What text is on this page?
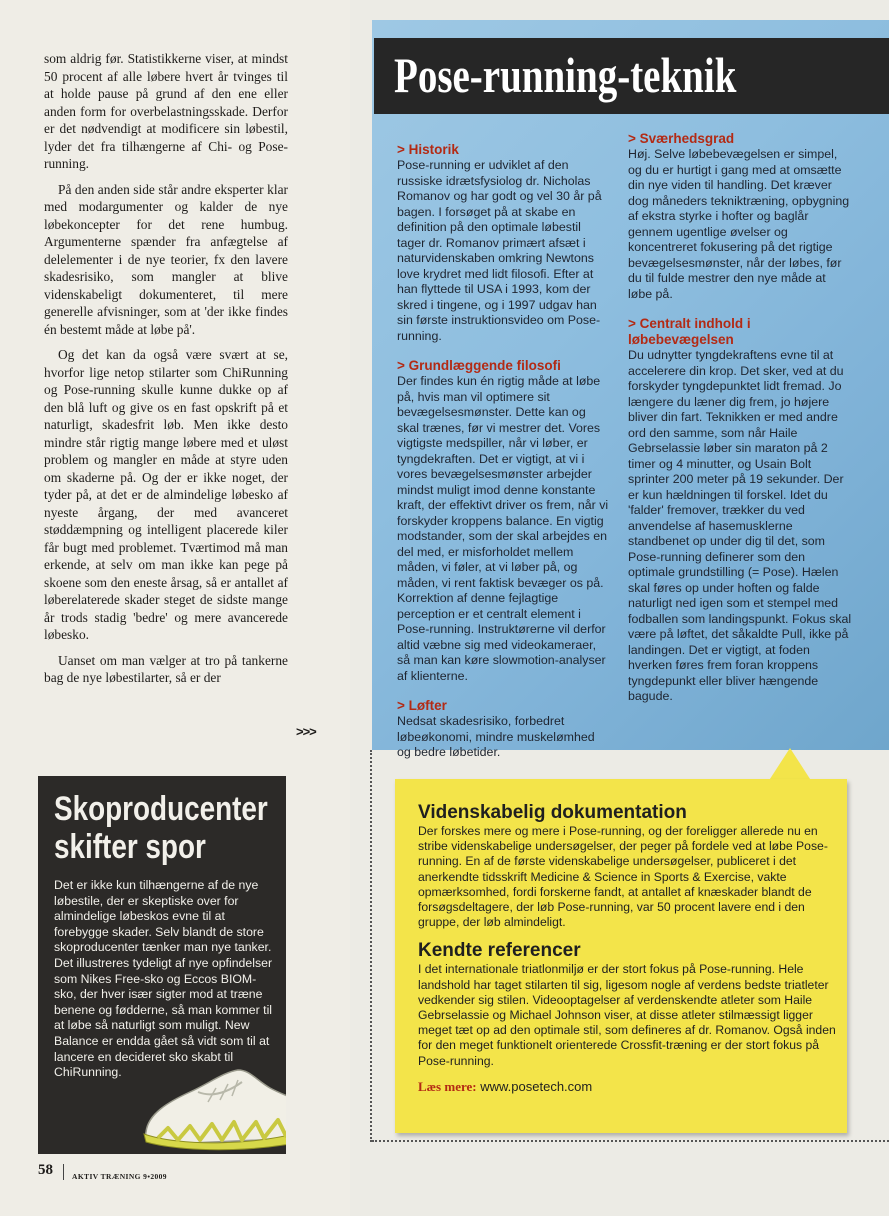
som aldrig før. Statistikkerne viser, at mindst 50 procent af alle løbere hvert år tvinges til at holde pause på grund af den ene eller anden form for overbelastningsskade. Derfor er det nødvendigt at modificere sin løbestil, lyder det fra tilhængerne af Chi- og Pose-running.

På den anden side står andre eksperter klar med modargumenter og kalder de nye løbekoncepter for det rene humbug. Argumenterne spænder fra anfægtelse af delelementer i de nye teorier, fx den lavere skadesrisiko, som mangler at blive videnskabeligt dokumenteret, til mere generelle afvisninger, som at 'der ikke findes én bestemt måde at løbe på'.

Og det kan da også være svært at se, hvorfor lige netop stilarter som ChiRunning og Pose-running skulle kunne dukke op af den blå luft og give os en fast opskrift på et naturligt, skadesfrit løb. Men ikke desto mindre står rigtig mange løbere med et uløst problem og mangler en måde at styre uden om skaderne på. Og der er ikke noget, der tyder på, at det er de almindelige løbesko af nyeste årgang, der med avanceret støddæmpning og intelligent placerede kiler får bugt med problemet. Tværtimod må man erkende, at selv om man ikke kan pege på skoene som den eneste årsag, så er antallet af løberelaterede skader steget de sidste mange år trods stadig 'bedre' og mere avancerede løbesko.

Uanset om man vælger at tro på tankerne bag de nye løbestilarter, så er der

>>>
Skoproducenter skifter spor
Det er ikke kun tilhængerne af de nye løbestile, der er skeptiske over for almindelige løbeskos evne til at forebygge skader. Selv blandt de store skoproducenter tænker man nye tanker. Det illustreres tydeligt af nye opfindelser som Nikes Free-sko og Eccos BIOM-sko, der hver især sigter mod at træne benene og fødderne, så man kommer til at løbe så naturligt som muligt. New Balance er endda gået så vidt som til at lancere en decideret sko skabt til ChiRunning.
58	AKTIV TRÆNING 9•2009
Pose-running-teknik
> Historik

Pose-running er udviklet af den russiske idrætsfysiolog dr. Nicholas Romanov og har godt og vel 30 år på bagen. I forsøget på at skabe en definition på den optimale løbestil tager dr. Romanov primært afsæt i naturvidenskaben omkring Newtons love krydret med lidt filosofi. Efter at han flyttede til USA i 1993, kom der skred i tingene, og i 1997 udgav han sin første instruktionsvideo om Pose-running.

> Grundlæggende filosofi

Der findes kun én rigtig måde at løbe på, hvis man vil optimere sit bevægelsesmønster. Dette kan og skal trænes, før vi mestrer det. Vores vigtigste medspiller, når vi løber, er tyngdekraften. Det er vigtigt, at vi i vores bevægelsesmønster arbejder mindst muligt imod denne konstante kraft, der effektivt driver os frem, når vi forskyder kroppens balance. En vigtig modstander, som der skal arbejdes en del med, er misforholdet mellem måden, vi føler, at vi løber på, og måden, vi rent faktisk bevæger os på. Korrektion af denne fejlagtige perception er et centralt element i Pose-running. Instruktørerne vil derfor altid væbne sig med videokameraer, så man kan køre slowmotion-analyser af klienterne.

> Løfter

Nedsat skadesrisiko, forbedret løbeøkonomi, mindre muskelømhed og bedre løbetider.

> Sværhedsgrad

Høj. Selve løbebevægelsen er simpel, og du er hurtigt i gang med at omsætte din nye viden til handling. Det kræver dog måneders tekniktræning, opbygning af ekstra styrke i hofter og baglår gennem ugentlige øvelser og koncentreret fokusering på det rigtige bevægelsesmønster, når der løbes, før du til fulde mestrer den nye måde at løbe på.

> Centralt indhold i løbebevægelsen

Du udnytter tyngdekraftens evne til at accelerere din krop. Det sker, ved at du forskyder tyngdepunktet lidt fremad. Jo længere du læner dig frem, jo højere bliver din fart. Teknikken er med andre ord den samme, som når Haile Gebrselassie løber sin maraton på 2 timer og 4 minutter, og Usain Bolt sprinter 200 meter på 19 sekunder. Der er kun hældningen til forskel. Idet du 'falder' fremover, trækker du ved anvendelse af hasemusklerne standbenet op under dig til det, som Pose-running definerer som den optimale grundstilling (= Pose). Hælen skal føres op under hoften og falde naturligt ned igen som et stempel med fodballen som landingspunkt. Fokus skal være på løftet, det såkaldte Pull, ikke på landingen. Det er vigtigt, at foden hverken føres frem foran kroppens tyngdepunkt eller bliver hængende bagude.

Videnskabelig dokumentation

Der forskes mere og mere i Pose-running, og der foreligger allerede nu en stribe videnskabelige undersøgelser, der peger på fordele ved at løbe Pose-running. En af de første videnskabelige undersøgelser, publiceret i det anerkendte tidsskrift Medicine & Science in Sports & Exercise, vakte opmærksomhed, fordi forskerne fandt, at antallet af knæskader blandt de forsøgsdeltagere, der løb Pose-running, var 50 procent lavere end i den gruppe, der løb almindeligt.

Kendte referencer

I det internationale triatlonmiljø er der stort fokus på Pose-running. Hele landshold har taget stilarten til sig, ligesom nogle af verdens bedste triatleter vedkender sig stilen. Videooptagelser af verdenskendte atleter som Haile Gebrselassie og Michael Johnson viser, at disse atleter stilmæssigt ligger meget tæt op ad den optimale stil, som defineres af dr. Romanov. Også inden for den meget funktionelt orienterede Crossfit-træning er der stort fokus på Pose-running.

Læs mere: www.posetech.com
